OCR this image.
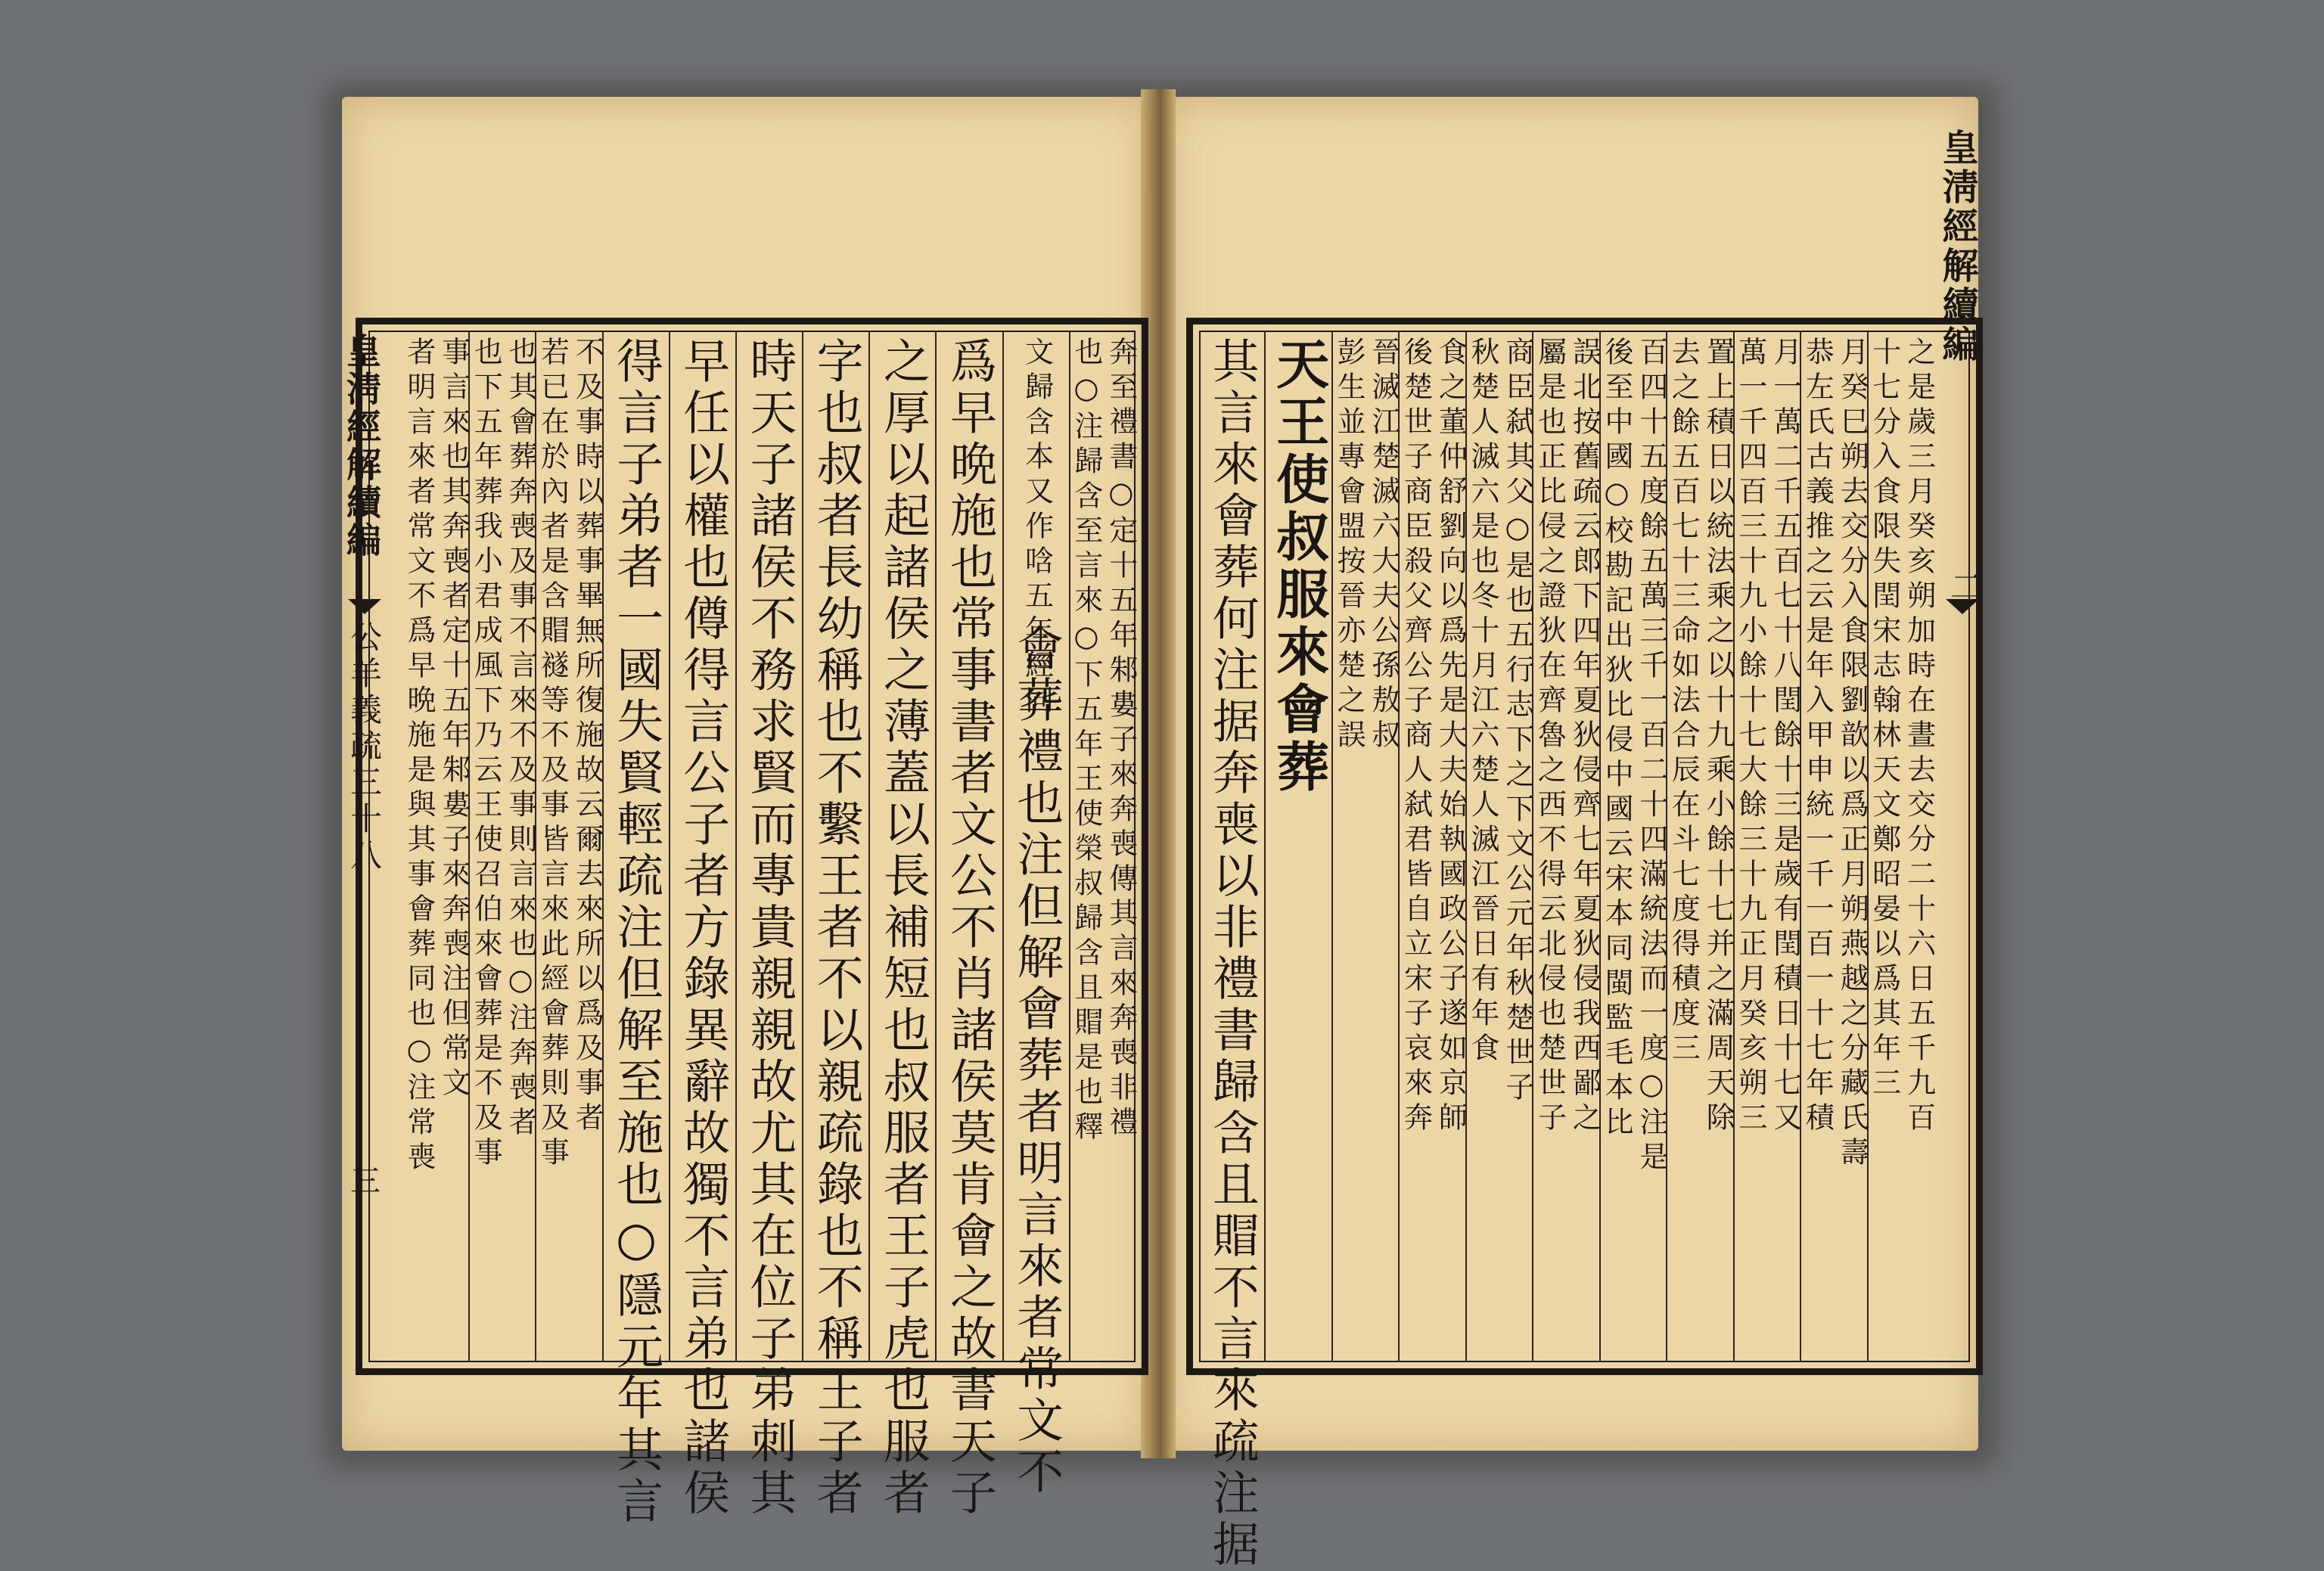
奔至禮書○定十五年邾婁子來奔喪傳其言來奔喪非禮
也○注歸含至言來○下五年王使榮叔歸含且賵是也釋
文歸含本又作唅五年經同
會葬禮也注但解會葬者明言來者常文不
爲早晩施也常事書者文公不肖諸侯莫肯會之故書天子
之厚以起諸侯之薄蓋以長補短也叔服者王子虎也服者
字也叔者長幼稱也不繫王者不以親疏錄也不稱王子者
時天子諸侯不務求賢而專貴親親故尤其在位子弟刺其
早任以權也僔得言公子者方錄異辭故獨不言弟也諸侯
得言子弟者一國失賢輕疏注但解至施也○隱元年其言
不及事時以葬事畢無所復施故云爾去來所以爲及事者
若已在於內者是含賵襚等不及事皆言來此經會葬則及事
也其會葬奔喪及事不言來不及事則言來也○注奔喪者
也下五年葬我小君成風下乃云王使召伯來會葬是不及事
事言來也其奔喪者定十五年邾婁子來奔喪注但常文
者明言來者常文不爲早晩施是與其事會葬同也○注常喪
皇淸經解續編
公羊義疏三十八
三
之是歲三月癸亥朔加時在晝去交分二十六日五千九百
十七分入食限失閏宋志翰林天文鄭昭晏以爲其年三
月癸巳朔去交分入食限劉歆以爲正月朔燕越之分藏氏壽
恭左氏古義推之云是年入甲申統一千一百一十七年積
月一萬二千五百七十八閏餘十三是歲有閏積日十七又
萬一千四百三十九小餘十七大餘三十九正月癸亥朔三
置上積日以統法乘之以十九乘小餘十七并之滿周天除
去之餘五百七十三命如法合辰在斗七度得積度三
百四十五度餘五萬三千一百二十四滿統法而一度○注是
後至中國○校勘記出狄比侵中國云宋本同閩監毛本比
誤北按舊疏云郎下四年夏狄侵齊七年夏狄侵我西鄙之
屬是也正比侵之證狄在齊魯之西不得云北侵也楚世子
商臣弑其父○是也五行志下之下文公元年秋楚世子
秋楚人滅六是也冬十月江六楚人滅江晉日有年食
食之董仲舒劉向以爲先是大夫始執國政公子遂如京師
後楚世子商臣殺父齊公子商人弑君皆自立宋子哀來奔
晉滅江楚滅六大夫公孫敖叔
彭生並專會盟按晉亦楚之誤
天王使叔服來會葬
其言來會葬何注据奔喪以非禮書歸含且賵不言來疏注据
皇淸經解續編
二
